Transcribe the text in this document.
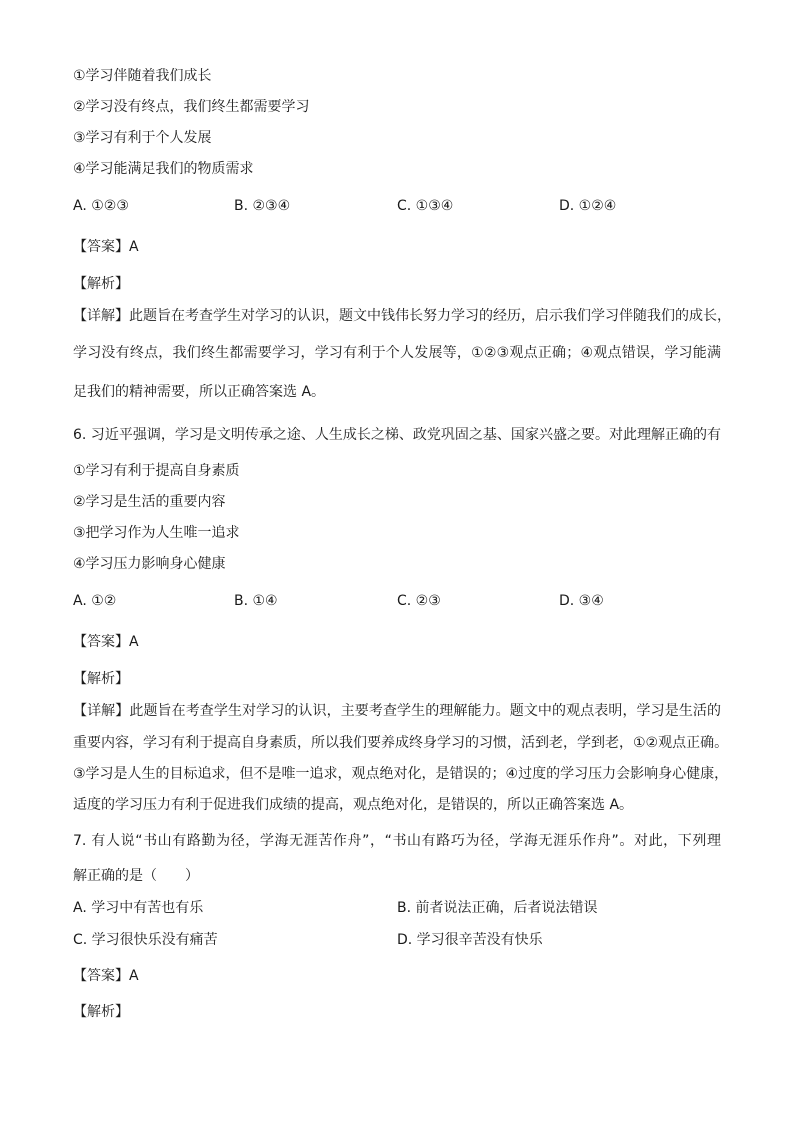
①学习伴随着我们成长
②学习没有终点，我们终生都需要学习
③学习有利于个人发展
④学习能满足我们的物质需求
A. ①②③	B. ②③④	C. ①③④	D. ①②④
【答案】A
【解析】
【详解】此题旨在考查学生对学习的认识，题文中钱伟长努力学习的经历，启示我们学习伴随我们的成长，
学习没有终点，我们终生都需要学习，学习有利于个人发展等，①②③观点正确；④观点错误，学习能满
足我们的精神需要，所以正确答案选 A。
6. 习近平强调，学习是文明传承之途、人生成长之梯、政党巩固之基、国家兴盛之要。对此理解正确的有
①学习有利于提高自身素质
②学习是生活的重要内容
③把学习作为人生唯一追求
④学习压力影响身心健康
A. ①②	B. ①④	C. ②③	D. ③④
【答案】A
【解析】
【详解】此题旨在考查学生对学习的认识，主要考查学生的理解能力。题文中的观点表明，学习是生活的
重要内容，学习有利于提高自身素质，所以我们要养成终身学习的习惯，活到老，学到老，①②观点正确。
③学习是人生的目标追求，但不是唯一追求，观点绝对化，是错误的；④过度的学习压力会影响身心健康，
适度的学习压力有利于促进我们成绩的提高，观点绝对化，是错误的，所以正确答案选 A。
7. 有人说“书山有路勤为径，学海无涯苦作舟”，“书山有路巧为径，学海无涯乐作舟”。对此，下列理
解正确的是（　　）
A. 学习中有苦也有乐	B. 前者说法正确，后者说法错误
C. 学习很快乐没有痛苦	D. 学习很辛苦没有快乐
【答案】A
【解析】
